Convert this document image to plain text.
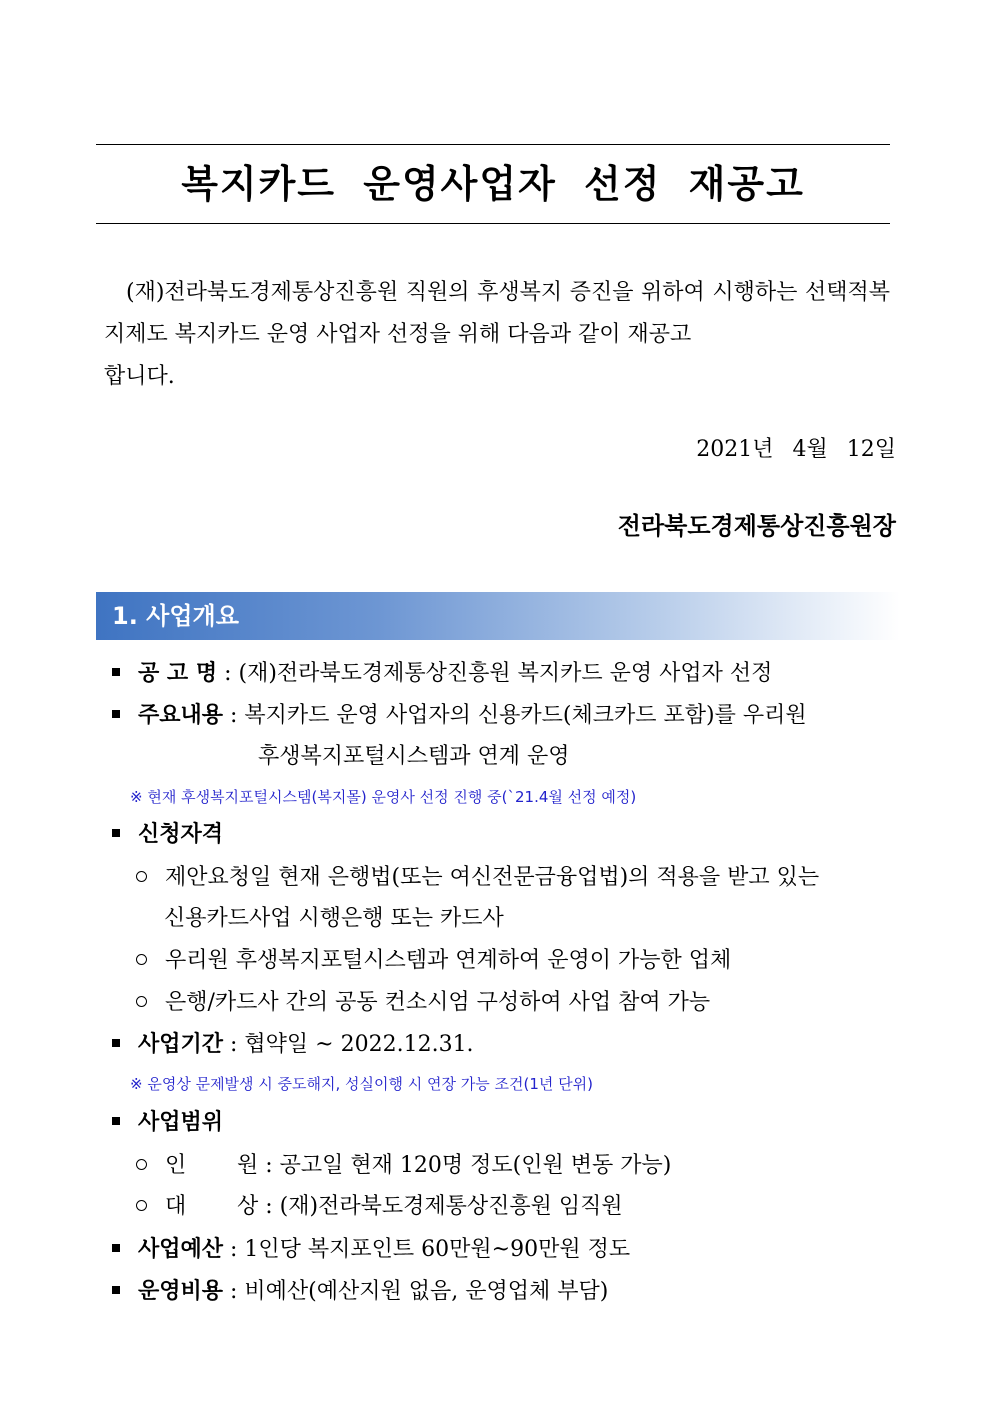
복지카드 운영사업자 선정 재공고

(재)전라북도경제통상진흥원 직원의 후생복지 증진을 위하여 시행하는 선택적복지제도 복지카드 운영 사업자 선정을 위해 다음과 같이 재공고
합니다.

2021년 4월 12일
전라북도경제통상진흥원장
1. 사업개요
공 고 명 : (재)전라북도경제통상진흥원 복지카드 운영 사업자 선정
주요내용 : 복지카드 운영 사업자의 신용카드(체크카드 포함)를 우리원
후생복지포털시스템과 연계 운영
※ 현재 후생복지포털시스템(복지몰) 운영사 선정 진행 중(`21.4월 선정 예정)
신청자격
제안요청일 현재 은행법(또는 여신전문금융업법)의 적용을 받고 있는
신용카드사업 시행은행 또는 카드사
우리원 후생복지포털시스템과 연계하여 운영이 가능한 업체
은행/카드사 간의 공동 컨소시엄 구성하여 사업 참여 가능
사업기간 : 협약일 ~ 2022.12.31.
※ 운영상 문제발생 시 중도해지, 성실이행 시 연장 가능 조건(1년 단위)
사업범위
인 원 : 공고일 현재 120명 정도(인원 변동 가능)
대 상 : (재)전라북도경제통상진흥원 임직원
사업예산 : 1인당 복지포인트 60만원~90만원 정도
운영비용 : 비예산(예산지원 없음, 운영업체 부담)
